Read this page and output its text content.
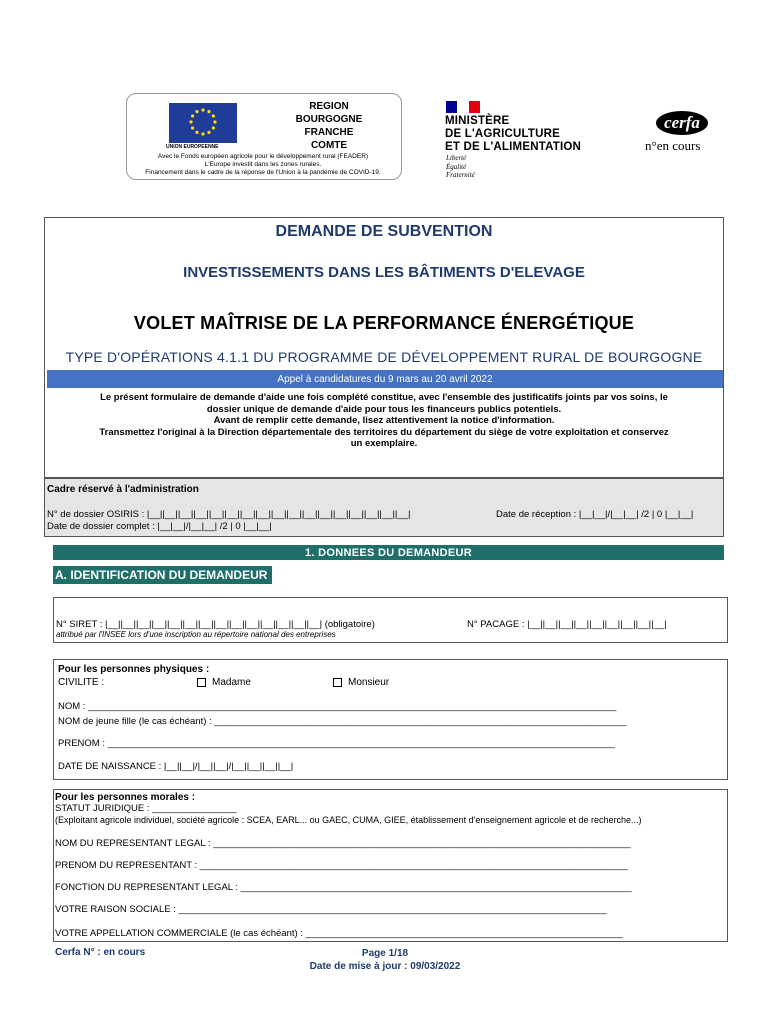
UNION EUROPEENNE
REGION
BOURGOGNE
FRANCHE
COMTE
Avec le Fonds européen agricole pour le développement rural (FEADER)
L'Europe investit dans les zones rurales.
Financement dans le cadre de la réponse de l'Union à la pandémie de COVID-19.
MINISTÈRE
DE L'AGRICULTURE
ET DE L'ALIMENTATION
Liberté
Égalité
Fraternité
cerfa
n°en cours
DEMANDE DE SUBVENTION
INVESTISSEMENTS DANS LES BÂTIMENTS D'ELEVAGE
VOLET MAÎTRISE DE LA PERFORMANCE ÉNERGÉTIQUE
TYPE D'OPÉRATIONS 4.1.1 DU PROGRAMME DE DÉVELOPPEMENT RURAL DE BOURGOGNE
Appel à candidatures du 9 mars au 20 avril 2022
Le présent formulaire de demande d'aide une fois complété constitue, avec l'ensemble des justificatifs joints par vos soins, le
dossier unique de demande d'aide pour tous les financeurs publics potentiels.
Avant de remplir cette demande, lisez attentivement la notice d'information.
Transmettez l'original à la Direction départementale des territoires du département du siège de votre exploitation et conservez
un exemplaire.
Cadre réservé à l'administration
N° de dossier OSIRIS : |__||__||__||__||__||__||__||__||__||__||__||__||__||__||__||__||__|	Date de réception : |__|__|/|__|__| /2 | 0 |__|__|
Date de dossier complet : |__|__|/|__|__| /2 | 0 |__|__|
1. DONNEES DU DEMANDEUR
A. IDENTIFICATION DU DEMANDEUR
N° SIRET : |__||__||__||__||__||__||__||__||__||__||__||__||__||__| (obligatoire)
attribué par l'INSEE lors d'une inscription au répertoire national des entreprises
N° PACAGE : |__||__||__||__||__||__||__||__||__|
Pour les personnes physiques :
CIVILITE :	Madame	Monsieur
NOM : ____________________________________________________________________________________________________
NOM de jeune fille (le cas échéant) : ______________________________________________________________________________
PRENOM : ________________________________________________________________________________________________
DATE DE NAISSANCE : |__||__|/|__||__|/|__||__||__||__|
Pour les personnes morales :
STATUT JURIDIQUE : ________________
(Exploitant agricole individuel, société agricole : SCEA, EARL... ou GAEC, CUMA, GIEE, établissement d'enseignement agricole et de recherche...)
NOM DU REPRESENTANT LEGAL : _______________________________________________________________________________
PRENOM DU REPRESENTANT : _________________________________________________________________________________
FONCTION DU REPRESENTANT LEGAL : __________________________________________________________________________
VOTRE RAISON SOCIALE : _________________________________________________________________________________
VOTRE APPELLATION COMMERCIALE (le cas échéant) : ____________________________________________________________
Cerfa N° : en cours	Page 1/18
Date de mise à jour : 09/03/2022
